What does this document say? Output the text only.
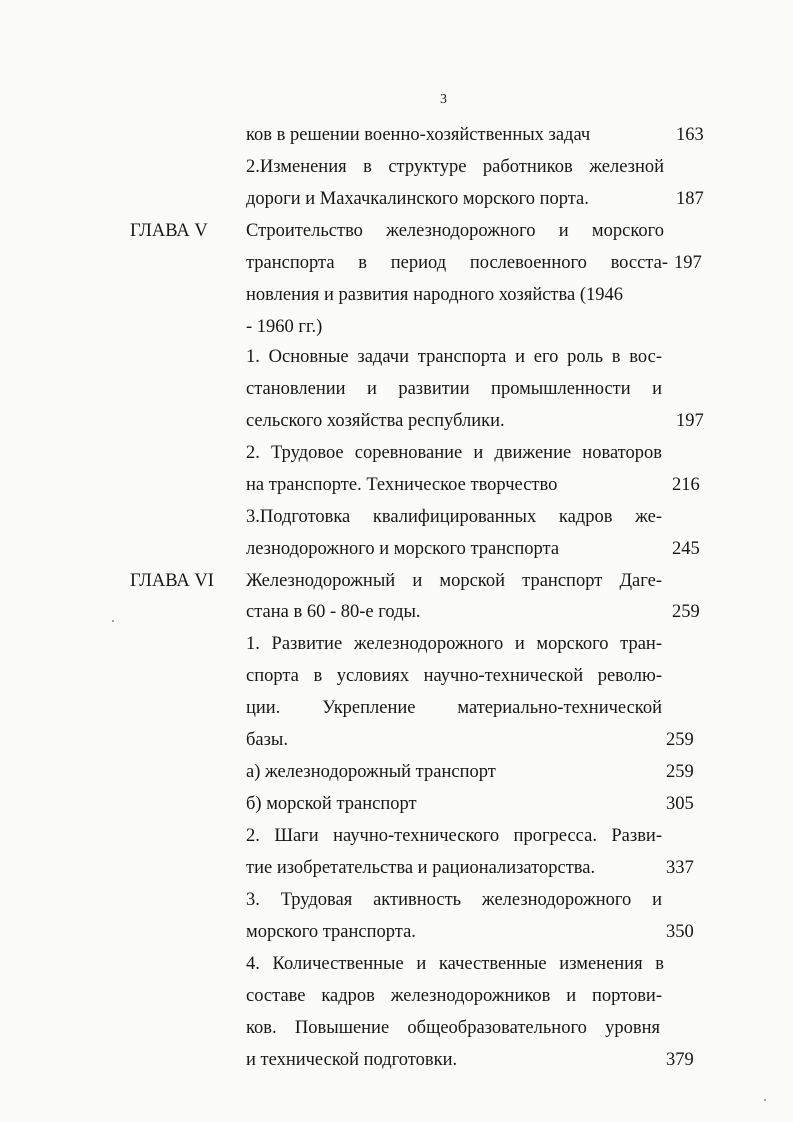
3
ков в решении военно-хозяйственных задач
2.Изменения в структуре работников железной
дороги и Махачкалинского морского порта.
Строительство железнодорожного и морского
транспорта в период послевоенного восста-
новления и развития народного хозяйства (1946
- 1960 гг.)
1. Основные задачи транспорта и его роль в вос-
становлении и развитии промышленности и
сельского хозяйства республики.
2. Трудовое соревнование и движение новаторов
на транспорте. Техническое творчество
3.Подготовка квалифицированных кадров же-
лезнодорожного и морского транспорта
Железнодорожный и морской транспорт Даге-
стана в 60 - 80-е годы.
1. Развитие железнодорожного и морского тран-
спорта в условиях научно-технической револю-
ции. Укрепление материально-технической
базы.
а) железнодорожный транспорт
б) морской транспорт
2. Шаги научно-технического прогресса. Разви-
тие изобретательства и рационализаторства.
3. Трудовая активность железнодорожного и
морского транспорта.
4. Количественные и качественные изменения в
составе кадров железнодорожников и портови-
ков. Повышение общеобразовательного уровня
и технической подготовки.
ГЛАВА V
ГЛАВА VI
163
187
197
197
216
245
259
259
259
305
337
350
379
